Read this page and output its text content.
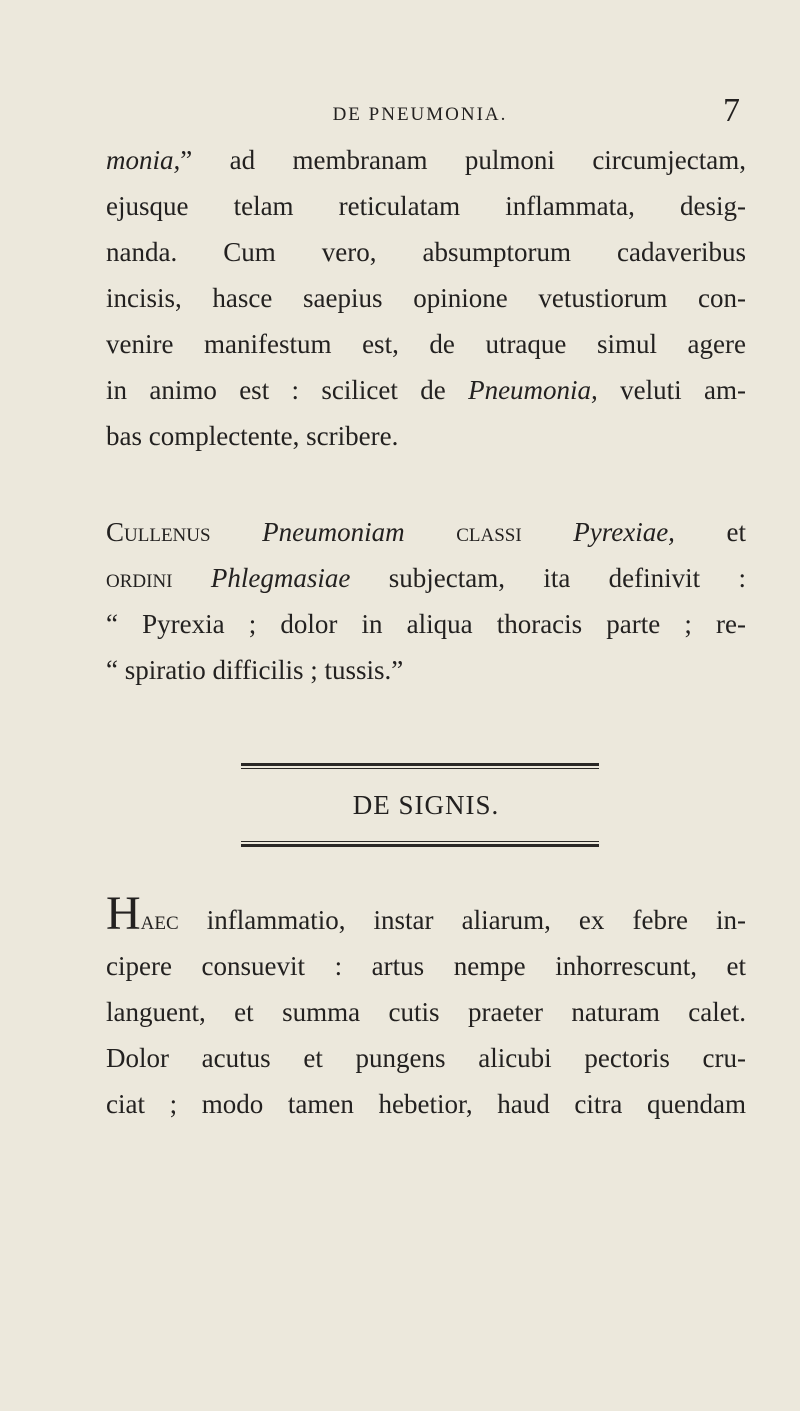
DE PNEUMONIA.	7
monia,” ad membranam pulmoni circumjectam,
ejusque telam reticulatam inflammata, desig-
nanda. Cum vero, absumptorum cadaveribus
incisis, hasce saepius opinione vetustiorum con-
venire manifestum est, de utraque simul agere
in animo est : scilicet de Pneumonia, veluti am-
bas complectente, scribere.
Cullenus Pneumoniam classi Pyrexiae, et
ordini Phlegmasiae subjectam, ita definivit :
“ Pyrexia ; dolor in aliqua thoracis parte ; re-
“ spiratio difficilis ; tussis.”
DE SIGNIS.
Haec inflammatio, instar aliarum, ex febre in-
cipere consuevit : artus nempe inhorrescunt, et
languent, et summa cutis praeter naturam calet.
Dolor acutus et pungens alicubi pectoris cru-
ciat ; modo tamen hebetior, haud citra quendam
